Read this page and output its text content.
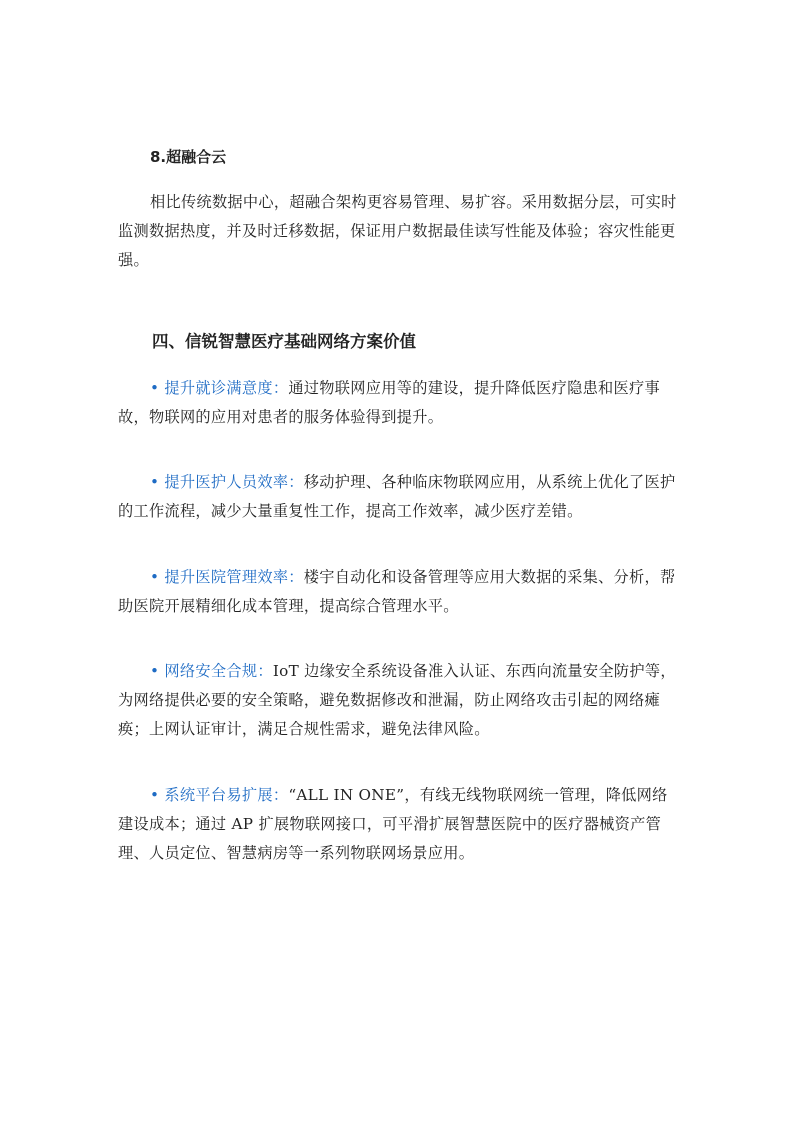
8.超融合云

相比传统数据中心，超融合架构更容易管理、易扩容。采用数据分层，可实时监测数据热度，并及时迁移数据，保证用户数据最佳读写性能及体验；容灾性能更强。

四、信锐智慧医疗基础网络方案价值

• 提升就诊满意度：通过物联网应用等的建设，提升降低医疗隐患和医疗事故，物联网的应用对患者的服务体验得到提升。

• 提升医护人员效率：移动护理、各种临床物联网应用，从系统上优化了医护的工作流程，减少大量重复性工作，提高工作效率，减少医疗差错。

• 提升医院管理效率：楼宇自动化和设备管理等应用大数据的采集、分析，帮助医院开展精细化成本管理，提高综合管理水平。

• 网络安全合规：IoT 边缘安全系统设备准入认证、东西向流量安全防护等，为网络提供必要的安全策略，避免数据修改和泄漏，防止网络攻击引起的网络瘫痪；上网认证审计，满足合规性需求，避免法律风险。

• 系统平台易扩展：“ALL IN ONE”，有线无线物联网统一管理，降低网络建设成本；通过 AP 扩展物联网接口，可平滑扩展智慧医院中的医疗器械资产管理、人员定位、智慧病房等一系列物联网场景应用。
